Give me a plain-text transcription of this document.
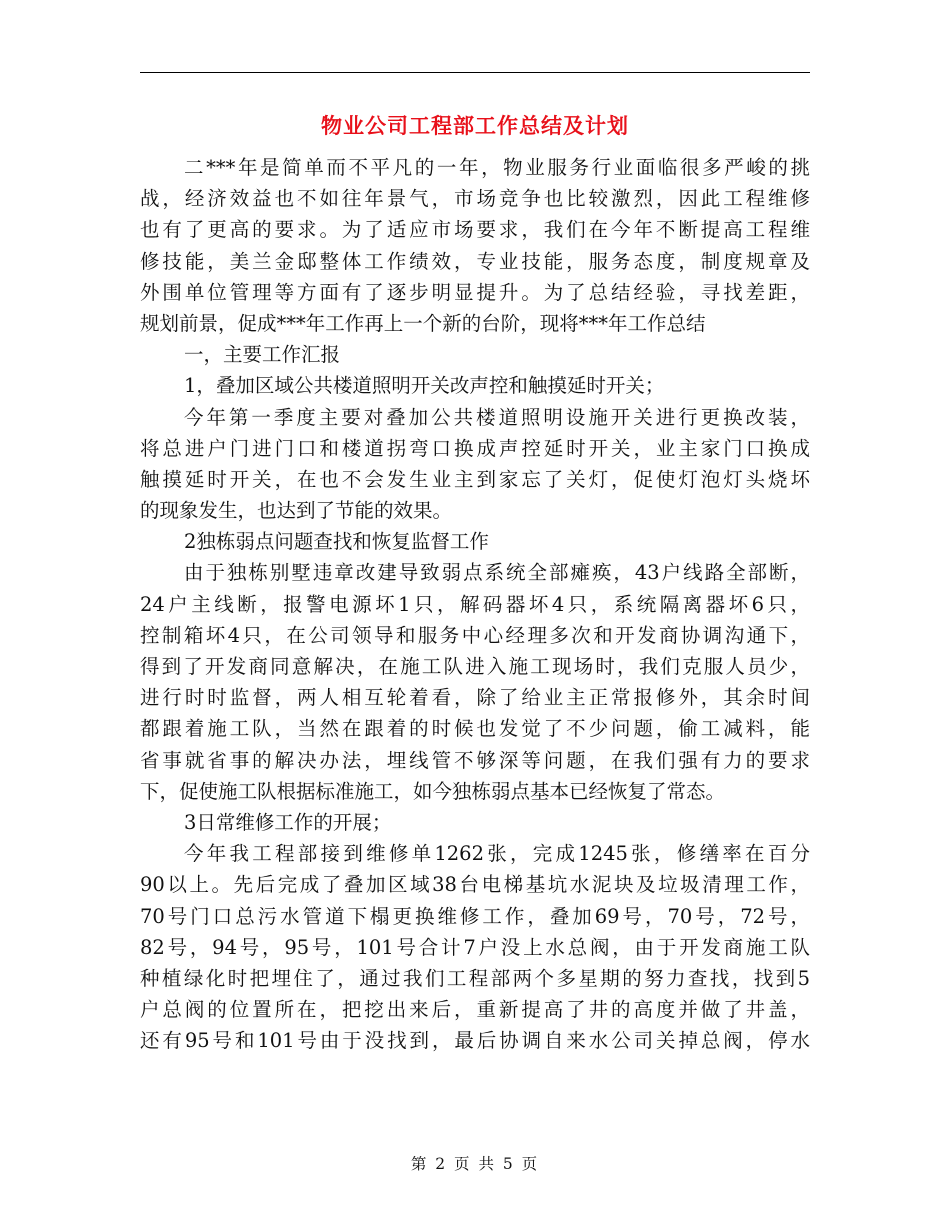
物业公司工程部工作总结及计划
二***年是简单而不平凡的一年，物业服务行业面临很多严峻的挑
战，经济效益也不如往年景气，市场竞争也比较激烈，因此工程维修
也有了更高的要求。为了适应市场要求，我们在今年不断提高工程维
修技能，美兰金邸整体工作绩效，专业技能，服务态度，制度规章及
外围单位管理等方面有了逐步明显提升。为了总结经验，寻找差距，
规划前景，促成***年工作再上一个新的台阶，现将***年工作总结
一，主要工作汇报
1，叠加区域公共楼道照明开关改声控和触摸延时开关；
今年第一季度主要对叠加公共楼道照明设施开关进行更换改装，
将总进户门进门口和楼道拐弯口换成声控延时开关，业主家门口换成
触摸延时开关，在也不会发生业主到家忘了关灯，促使灯泡灯头烧坏
的现象发生，也达到了节能的效果。
2独栋弱点问题查找和恢复监督工作
由于独栋别墅违章改建导致弱点系统全部瘫痪，43户线路全部断，
24户主线断，报警电源坏1只，解码器坏4只，系统隔离器坏6只，
控制箱坏4只，在公司领导和服务中心经理多次和开发商协调沟通下，
得到了开发商同意解决，在施工队进入施工现场时，我们克服人员少，
进行时时监督，两人相互轮着看，除了给业主正常报修外，其余时间
都跟着施工队，当然在跟着的时候也发觉了不少问题，偷工减料，能
省事就省事的解决办法，埋线管不够深等问题，在我们强有力的要求
下，促使施工队根据标准施工，如今独栋弱点基本已经恢复了常态。
3日常维修工作的开展；
今年我工程部接到维修单1262张，完成1245张，修缮率在百分
90以上。先后完成了叠加区域38台电梯基坑水泥块及垃圾清理工作，
70号门口总污水管道下榻更换维修工作，叠加69号，70号，72号，
82号，94号，95号，101号合计7户没上水总阀，由于开发商施工队
种植绿化时把埋住了，通过我们工程部两个多星期的努力查找，找到5
户总阀的位置所在，把挖出来后，重新提高了井的高度并做了井盖，
还有95号和101号由于没找到，最后协调自来水公司关掉总阀，停水
第 2 页 共 5 页
